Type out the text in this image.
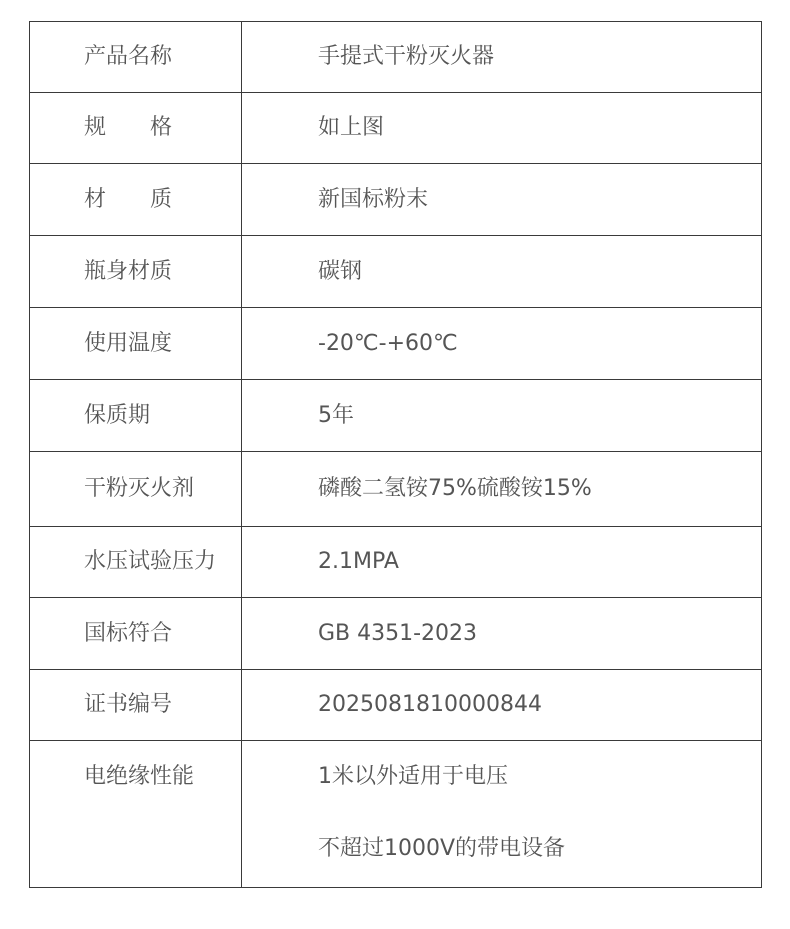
产品名称	手提式干粉灭火器
规　　格	如上图
材　　质	新国标粉末
瓶身材质	碳钢
使用温度	-20℃-+60℃
保质期	5年
干粉灭火剂	磷酸二氢铵75%硫酸铵15%
水压试验压力	2.1MPA
国标符合	GB 4351-2023
证书编号	2025081810000844

电绝缘性能	1米以外适用于电压
不超过1000V的带电设备
